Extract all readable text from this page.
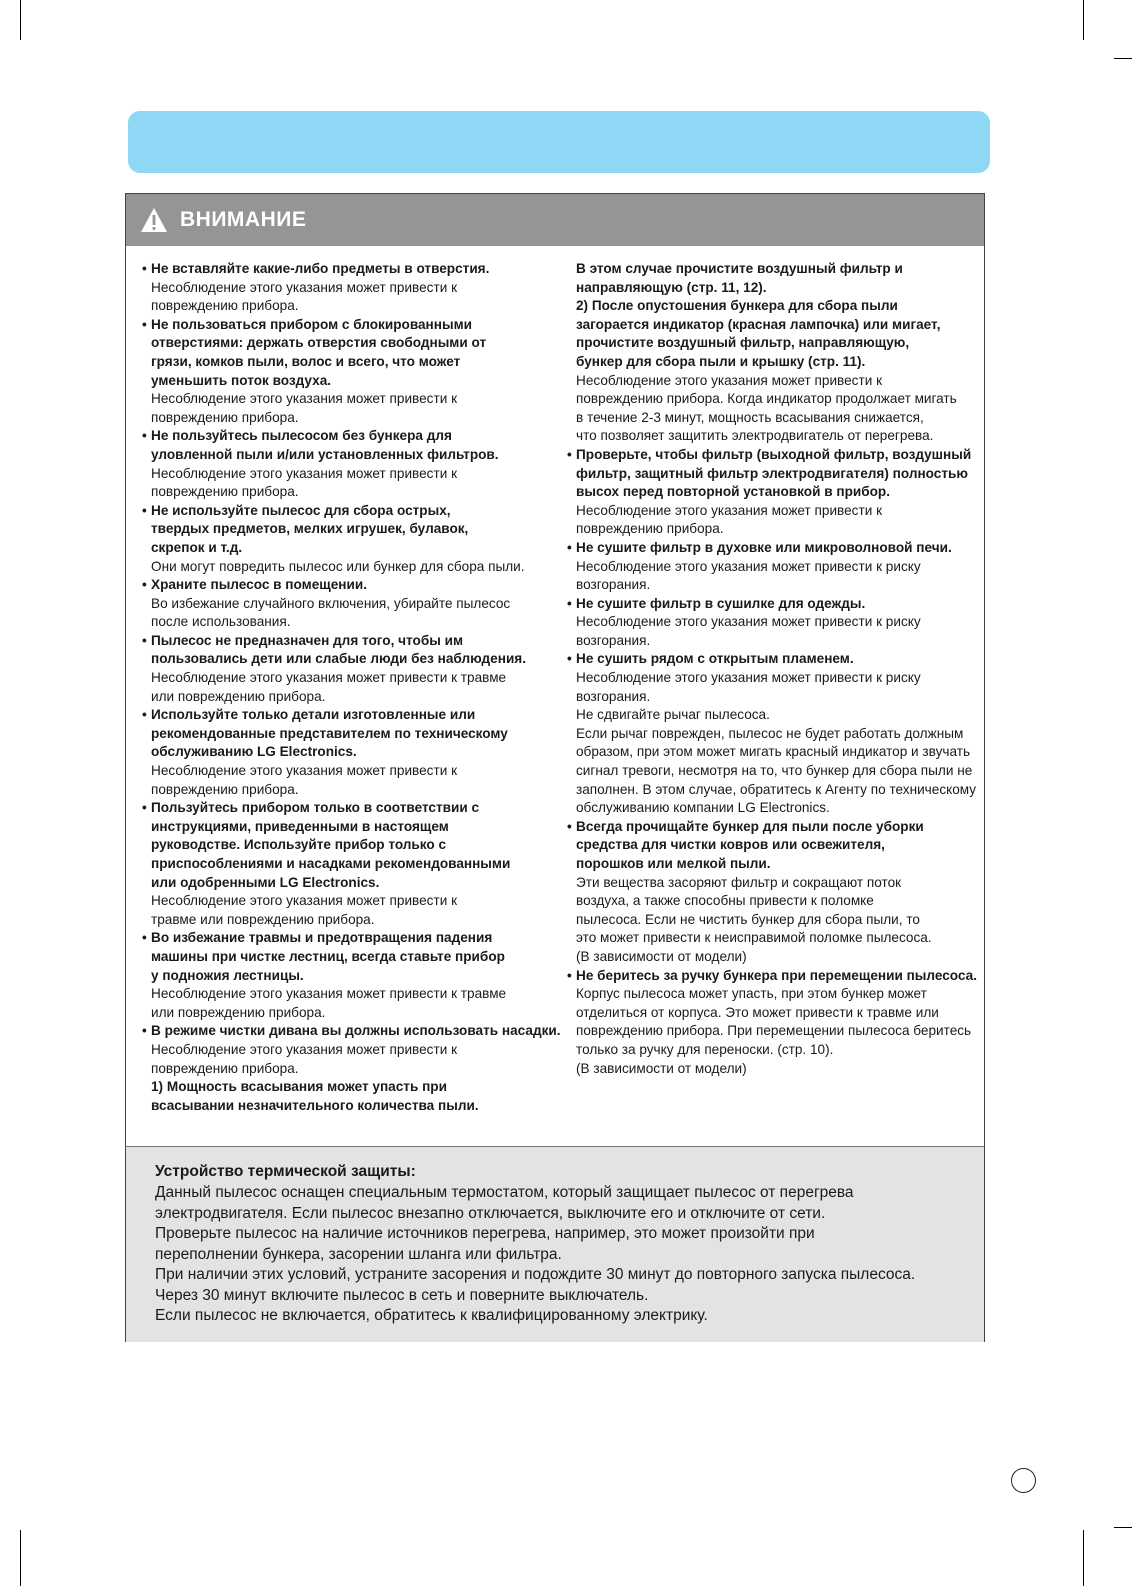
ВНИМАНИЕ
• Не вставляйте какие-либо предметы в отверстия.
Несоблюдение этого указания может привести к
повреждению прибора.
• Не пользоваться прибором с блокированными
отверстиями: держать отверстия свободными от
грязи, комков пыли, волос и всего, что может
уменьшить поток воздуха.
Несоблюдение этого указания может привести к
повреждению прибора.
• Не пользуйтесь пылесосом без бункера для
уловленной пыли и/или установленных фильтров.
Несоблюдение этого указания может привести к
повреждению прибора.
• Не используйте пылесос для сбора острых,
твердых предметов, мелких игрушек, булавок,
скрепок и т.д.
Они могут повредить пылесос или бункер для сбора пыли.
• Храните пылесос в помещении.
Во избежание случайного включения, убирайте пылесос
после использования.
• Пылесос не предназначен для того, чтобы им
пользовались дети или слабые люди без наблюдения.
Несоблюдение этого указания может привести к травме
или повреждению прибора.
• Используйте только детали изготовленные или
рекомендованные представителем по техническому
обслуживанию LG Electronics.
Несоблюдение этого указания может привести к
повреждению прибора.
• Пользуйтесь прибором только в соответствии с
инструкциями, приведенными в настоящем
руководстве. Используйте прибор только с
приспособлениями и насадками рекомендованными
или одобренными LG Electronics.
Несоблюдение этого указания может привести к
травме или повреждению прибора.
• Во избежание травмы и предотвращения падения
машины при чистке лестниц, всегда ставьте прибор
у подножия лестницы.
Несоблюдение этого указания может привести к травме
или повреждению прибора.
• В режиме чистки дивана вы должны использовать насадки.
Несоблюдение этого указания может привести к
повреждению прибора.
1) Мощность всасывания может упасть при
всасывании незначительного количества пыли.
В этом случае прочистите воздушный фильтр и
направляющую (стр. 11, 12).
2) После опустошения бункера для сбора пыли
загорается индикатор (красная лампочка) или мигает,
прочистите воздушный фильтр, направляющую,
бункер для сбора пыли и крышку (стр. 11).
Несоблюдение этого указания может привести к
повреждению прибора. Когда индикатор продолжает мигать
в течение 2-3 минут, мощность всасывания снижается,
что позволяет защитить электродвигатель от перегрева.
• Проверьте, чтобы фильтр (выходной фильтр, воздушный
фильтр, защитный фильтр электродвигателя) полностью
высох перед повторной установкой в прибор.
Несоблюдение этого указания может привести к
повреждению прибора.
• Не сушите фильтр в духовке или микроволновой печи.
Несоблюдение этого указания может привести к риску возгорания.
• Не сушите фильтр в сушилке для одежды.
Несоблюдение этого указания может привести к риску возгорания.
• Не сушить рядом с открытым пламенем.
Несоблюдение этого указания может привести к риску возгорания.
Не сдвигайте рычаг пылесоса.
Если рычаг поврежден, пылесос не будет работать должным
образом, при этом может мигать красный индикатор и звучать
сигнал тревоги, несмотря на то, что бункер для сбора пыли не
заполнен. В этом случае, обратитесь к Агенту по техническому
обслуживанию компании LG Electronics.
• Всегда прочищайте бункер для пыли после уборки
средства для чистки ковров или освежителя,
порошков или мелкой пыли.
Эти вещества засоряют фильтр и сокращают поток
воздуха, а также способны привести к поломке
пылесоса. Если не чистить бункер для сбора пыли, то
это может привести к неисправимой поломке пылесоса.
(В зависимости от модели)
• Не беритесь за ручку бункера при перемещении пылесоса.
Корпус пылесоса может упасть, при этом бункер может
отделиться от корпуса. Это может привести к травме или
повреждению прибора. При перемещении пылесоса беритесь
только за ручку для переноски. (стр. 10).
(В зависимости от модели)
Устройство термической защиты:
Данный пылесос оснащен специальным термостатом, который защищает пылесос от перегрева
электродвигателя. Если пылесос внезапно отключается, выключите его и отключите от сети.
Проверьте пылесос на наличие источников перегрева, например, это может произойти при
переполнении бункера, засорении шланга или фильтра.
При наличии этих условий, устраните засорения и подождите 30 минут до повторного запуска пылесоса.
Через 30 минут включите пылесос в сеть и поверните выключатель.
Если пылесос не включается, обратитесь к квалифицированному электрику.
